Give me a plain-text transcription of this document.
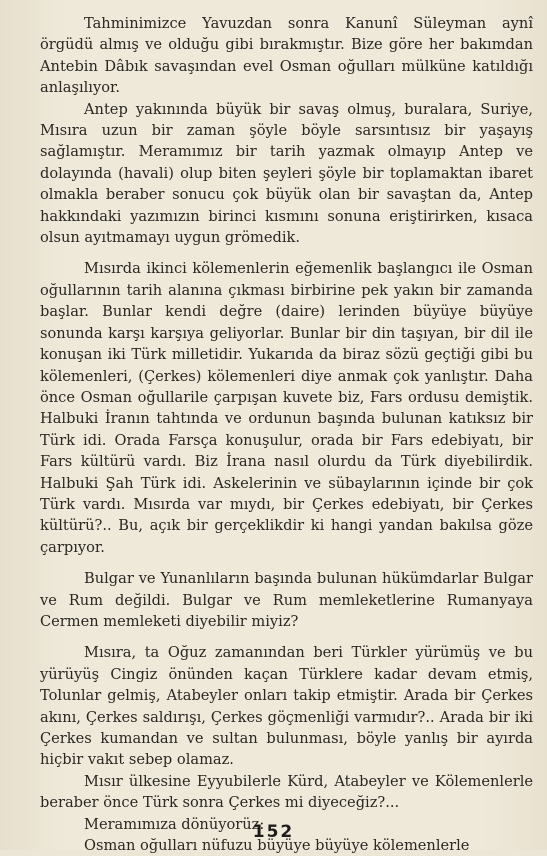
Tahminimizce Yavuzdan sonra Kanunî Süleyman aynî örgüdü almış ve olduğu gibi bırakmıştır. Bize göre her bakımdan Antebin Dâbık savaşından evel Osman oğulları mülküne katıldığı anlaşılıyor.

Antep yakınında büyük bir savaş olmuş, buralara, Suriye, Mısıra uzun bir zaman şöyle böyle sarsıntısız bir yaşayış sağlamıştır. Meramımız bir tarih yazmak olmayıp Antep ve dolayında (havali) olup biten şeyleri şöyle bir toplamaktan ibaret olmakla beraber sonucu çok büyük olan bir savaştan da, Antep hakkındaki yazımızın birinci kısmını sonuna eriştirirken, kısaca olsun ayıtmamayı uygun grömedik.

Mısırda ikinci kölemenlerin eğemenlik başlangıcı ile Osman oğullarının tarih alanına çıkması birbirine pek yakın bir zamanda başlar. Bunlar kendi değre (daire) lerinden büyüye büyüye sonunda karşı karşıya geliyorlar. Bunlar bir din taşıyan, bir dil ile konuşan iki Türk milletidir. Yukarıda da biraz sözü geçtiği gibi bu kölemenleri, (Çerkes) kölemenleri diye anmak çok yanlıştır. Daha önce Osman oğullarile çarpışan kuvete biz, Fars ordusu demiştik. Halbuki İranın tahtında ve ordunun başında bulunan katıksız bir Türk idi. Orada Farsça konuşulur, orada bir Fars edebiyatı, bir Fars kültürü vardı. Biz İrana nasıl olurdu da Türk diyebilirdik. Halbuki Şah Türk idi. Askelerinin ve sübaylarının içinde bir çok Türk vardı. Mısırda var mıydı, bir Çerkes edebiyatı, bir Çerkes kültürü?.. Bu, açık bir gerçeklikdir ki hangi yandan bakılsa göze çarpıyor.

Bulgar ve Yunanlıların başında bulunan hükümdarlar Bulgar ve Rum değildi. Bulgar ve Rum memleketlerine Rumanyaya Cermen memleketi diyebilir miyiz?

Mısıra, ta Oğuz zamanından beri Türkler yürümüş ve bu yürüyüş Cingiz önünden kaçan Türklere kadar devam etmiş, Tolunlar gelmiş, Atabeyler onları takip etmiştir. Arada bir Çerkes akını, Çerkes saldırışı, Çerkes göçmenliği varmıdır?.. Arada bir iki Çerkes kumandan ve sultan bulunması, böyle yanlış bir ayırda hiçbir vakıt sebep olamaz.

Mısır ülkesine Eyyubilerle Kürd, Atabeyler ve Kölemenlerle beraber önce Türk sonra Çerkes mi diyeceğiz?...

Meramımıza dönüyorüz:

Osman oğulları nüfuzu büyüye büyüye kölemenlerle

152
